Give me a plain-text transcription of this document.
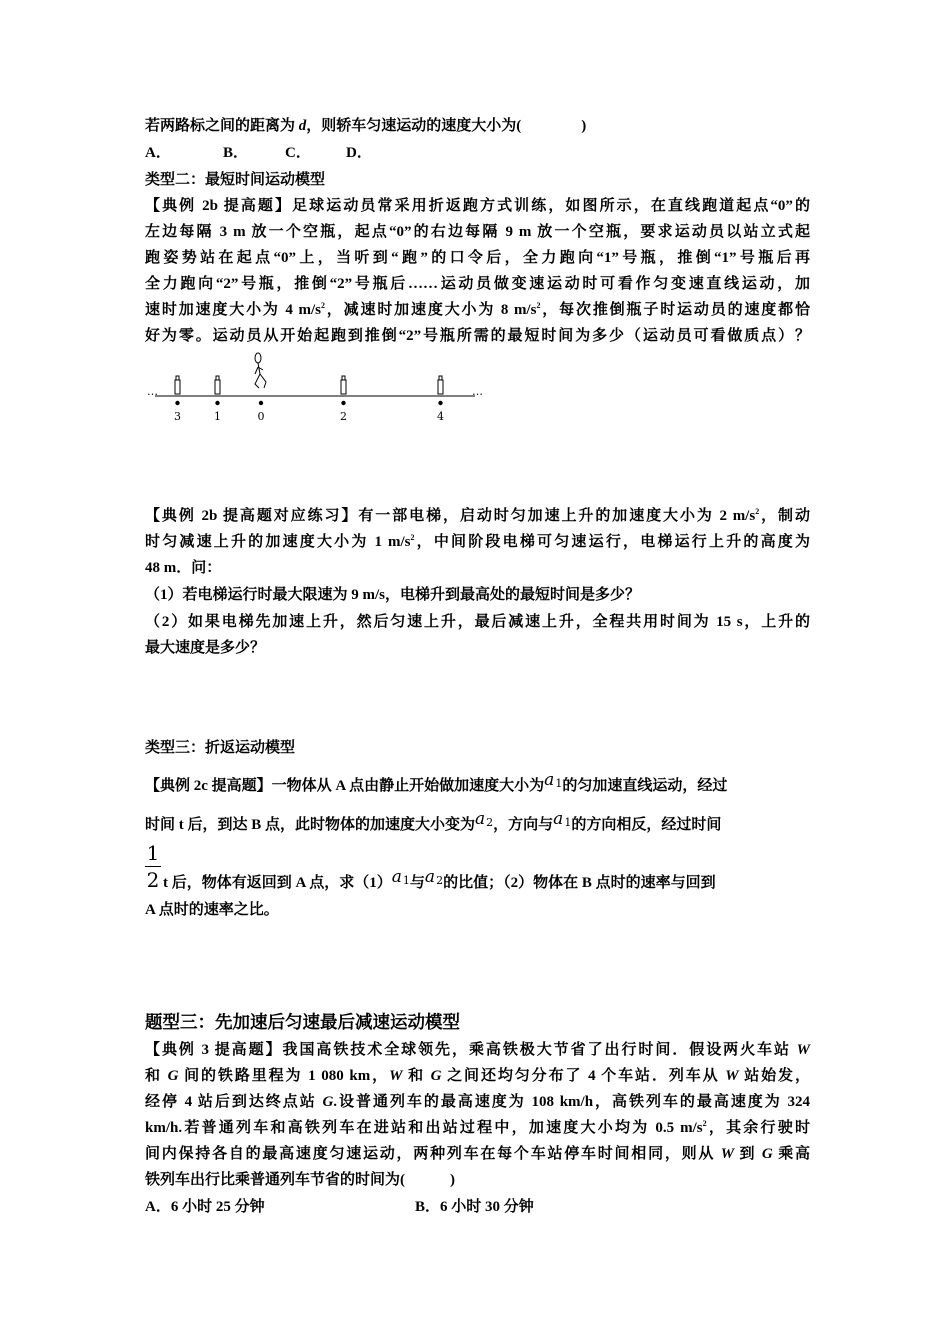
若两路标之间的距离为 d，则轿车匀速运动的速度大小为(　　　　)
A．	B． C． D．
类型二：最短时间运动模型
【典例 2b 提高题】足球运动员常采用折返跑方式训练，如图所示，在直线跑道起点“0”的
左边每隔 3 m 放一个空瓶，起点“0”的右边每隔 9 m 放一个空瓶，要求运动员以站立式起
跑姿势站在起点“0”上，当听到“跑”的口令后，全力跑向“1”号瓶，推倒“1”号瓶后再
全力跑向“2”号瓶，推倒“2”号瓶后……运动员做变速运动时可看作匀变速直线运动，加
速时加速度大小为 4 $m/s^2$，减速时加速度大小为 8 $m/s^2$，每次推倒瓶子时运动员的速度都恰
好为零。运动员从开始起跑到推倒“2”号瓶所需的最短时间为多少（运动员可看做质点）？
…	…
3	1	0	2	4
【典例 2b 提高题对应练习】有一部电梯，启动时匀加速上升的加速度大小为 2 $m/s^2$，制动
时匀减速上升的加速度大小为 1 $m/s^2$，中间阶段电梯可匀速运行，电梯运行上升的高度为
48 m．问：
（1）若电梯运行时最大限速为 9 m/s，电梯升到最高处的最短时间是多少？
（2）如果电梯先加速上升，然后匀速上升，最后减速上升，全程共用时间为 15 s，上升的
最大速度是多少？
类型三：折返运动模型
【典例 2c 提高题】一物体从 A 点由静止开始做加速度大小为$a^1$的匀加速直线运动，经过
时间 t 后，到达 B 点，此时物体的加速度大小变为$a^2$，方向与$a^1$的方向相反，经过时间
1
2 t 后，物体有返回到 A 点，求$(1)a^1$与$a^2$的比值；（2）物体在 B 点时的速率与回到
A 点时的速率之比。
题型三：先加速后匀速最后减速运动模型
【典例 3 提高题】我国高铁技术全球领先，乘高铁极大节省了出行时间．假设两火车站 W
和 G 间的铁路里程为 1 080 km，W 和 G 之间还均匀分布了 4 个车站．列车从 W 站始发，
经停 4 站后到达终点站 G.设普通列车的最高速度为 108 km/h，高铁列车的最高速度为 324
km/h.若普通列车和高铁列车在进站和出站过程中，加速度大小均为 0.5 $m/s^2$，其余行驶时
间内保持各自的最高速度匀速运动，两种列车在每个车站停车时间相同，则从 W 到 G 乘高
铁列车出行比乘普通列车节省的时间为(　　　)
A．6 小时 25 分钟	B．6 小时 30 分钟
